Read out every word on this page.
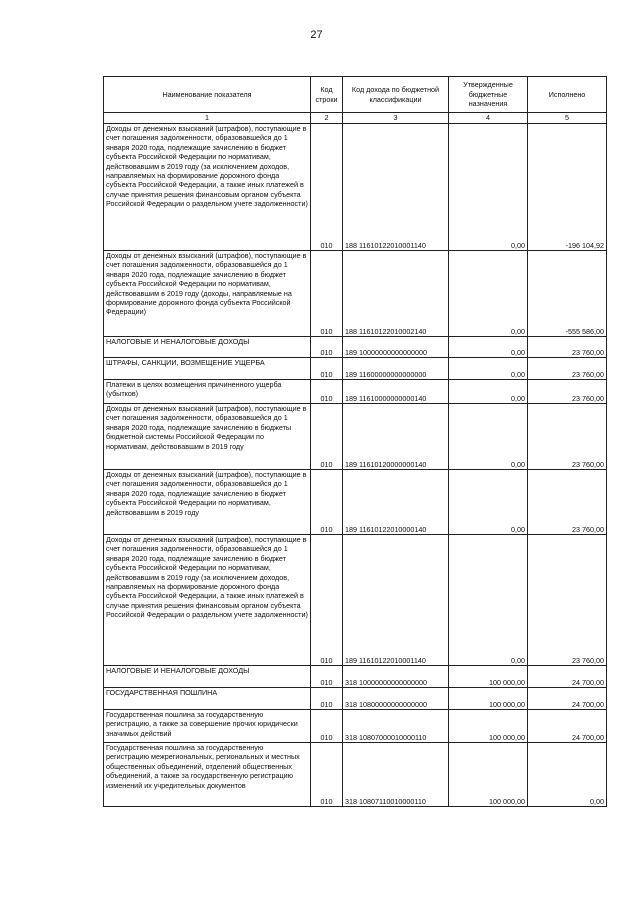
27
Наименование показателя	Код строки	Код дохода по бюджетной классификации	Утвержденные бюджетные назначения	Исполнено
1	2	3	4	5
Доходы от денежных взысканий (штрафов), поступающие в счет погашения задолженности, образовавшейся до 1 января 2020 года, подлежащие зачислению в бюджет субъекта Российской Федерации по нормативам, действовавшим в 2019 году (за исключением доходов, направляемых на формирование дорожного фонда субъекта Российской Федерации, а также иных платежей в случае принятия решения финансовым органом субъекта Российской Федерации о раздельном учете задолженности)	010	188 11610122010001140	0,00	-196 104,92
Доходы от денежных взысканий (штрафов), поступающие в счет погашения задолженности, образовавшейся до 1 января 2020 года, подлежащие зачислению в бюджет субъекта Российской Федерации по нормативам, действовавшим в 2019 году (доходы, направляемые на формирование дорожного фонда субъекта Российской Федерации)	010	188 11610122010002140	0,00	-555 586,00
НАЛОГОВЫЕ И НЕНАЛОГОВЫЕ ДОХОДЫ	010	189 10000000000000000	0,00	23 760,00
ШТРАФЫ, САНКЦИИ, ВОЗМЕЩЕНИЕ УЩЕРБА	010	189 11600000000000000	0,00	23 760,00
Платежи в целях возмещения причиненного ущерба (убытков)	010	189 11610000000000140	0,00	23 760,00
Доходы от денежных взысканий (штрафов), поступающие в счет погашения задолженности, образовавшейся до 1 января 2020 года, подлежащие зачислению в бюджеты бюджетной системы Российской Федерации по нормативам, действовавшим в 2019 году	010	189 11610120000000140	0,00	23 760,00
Доходы от денежных взысканий (штрафов), поступающие в счет погашения задолженности, образовавшейся до 1 января 2020 года, подлежащие зачислению в бюджет субъекта Российской Федерации по нормативам, действовавшим в 2019 году	010	189 11610122010000140	0,00	23 760,00
Доходы от денежных взысканий (штрафов), поступающие в счет погашения задолженности, образовавшейся до 1 января 2020 года, подлежащие зачислению в бюджет субъекта Российской Федерации по нормативам, действовавшим в 2019 году (за исключением доходов, направляемых на формирование дорожного фонда субъекта Российской Федерации, а также иных платежей в случае принятия решения финансовым органом субъекта Российской Федерации о раздельном учете задолженности)	010	189 11610122010001140	0,00	23 760,00
НАЛОГОВЫЕ И НЕНАЛОГОВЫЕ ДОХОДЫ	010	318 10000000000000000	100 000,00	24 700,00
ГОСУДАРСТВЕННАЯ ПОШЛИНА	010	318 10800000000000000	100 000,00	24 700,00
Государственная пошлина за государственную регистрацию, а также за совершение прочих юридически значимых действий	010	318 10807000010000110	100 000,00	24 700,00
Государственная пошлина за государственную регистрацию межрегиональных, региональных и местных общественных объединений, отделений общественных объединений, а также за государственную регистрацию изменений их учредительных документов	010	318 10807110010000110	100 000,00	0,00
